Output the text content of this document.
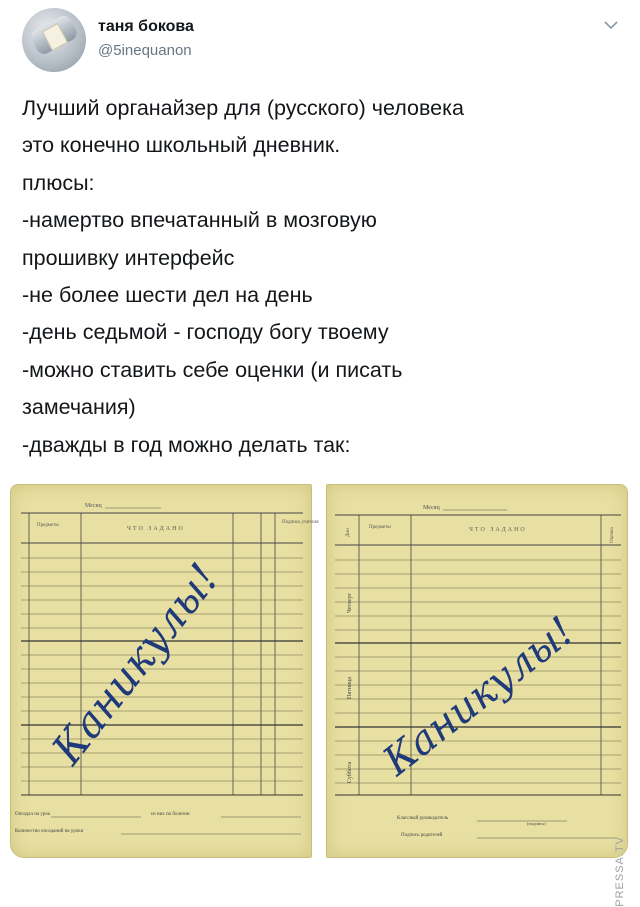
таня бокова
@5inequanon
Лучший органайзер для (русского) человека
это конечно школьный дневник.
плюсы:
-намертво впечатанный в мозговую
прошивку интерфейс
-не более шести дел на день
-день седьмой - господу богу твоему
-можно ставить себе оценки (и писать
замечания)
-дважды в год можно делать так:
Месяц
Предметы
ЧТО ЗАДАНО
Подпись учителя
Опоздал на урок
Количество опозданий на уроки
из них по болезни
Каникулы!
Месяц
Дни
Предметы	ЧТО ЗАДАНО	Оценка
Четверг
Пятница
Суббота
Классный руководитель
Подпись родителей
(подпись)
Каникулы!
PRESSA.TV
